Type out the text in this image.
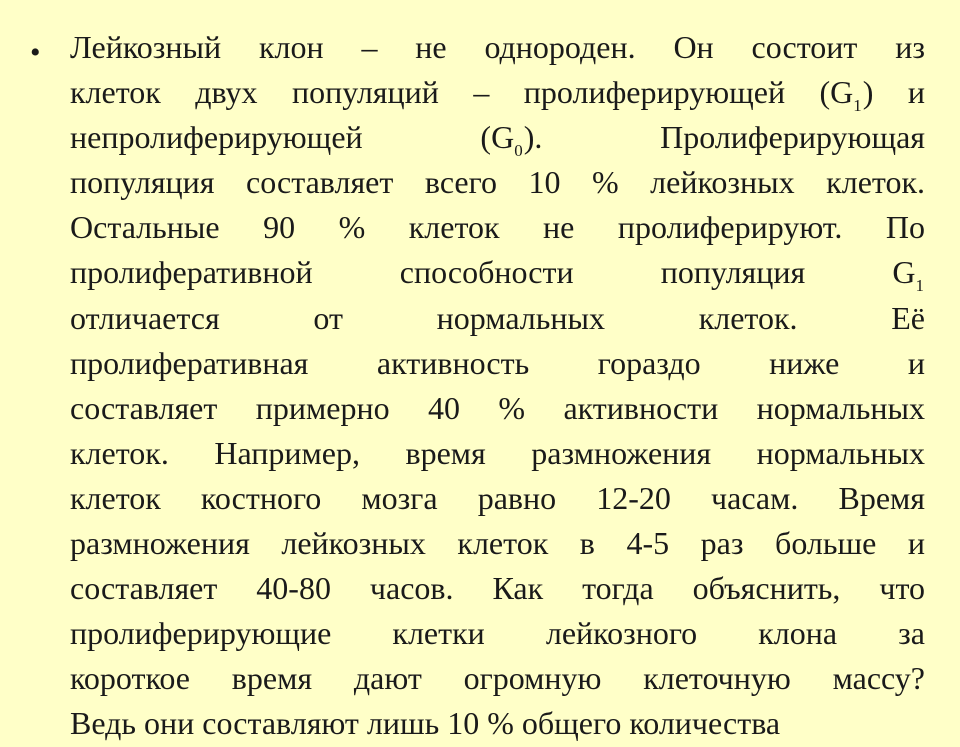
• Лейкозный клон – не однороден. Он состоит из
клеток двух популяций – пролиферирующей $(G_1)$ и
непролиферирующей $(G_0)$. Пролиферирующая
популяция составляет всего 10 % лейкозных клеток.
Остальные 90 % клеток не пролиферируют. По
пролиферативной способности популяция $G_1$
отличается от нормальных клеток. Её
пролиферативная активность гораздо ниже и
составляет примерно 40 % активности нормальных
клеток. Например, время размножения нормальных
клеток костного мозга равно 12-20 часам. Время
размножения лейкозных клеток в 4-5 раз больше и
составляет 40-80 часов. Как тогда объяснить, что
пролиферирующие клетки лейкозного клона за
короткое время дают огромную клеточную массу?
Ведь они составляют лишь 10 % общего количества
